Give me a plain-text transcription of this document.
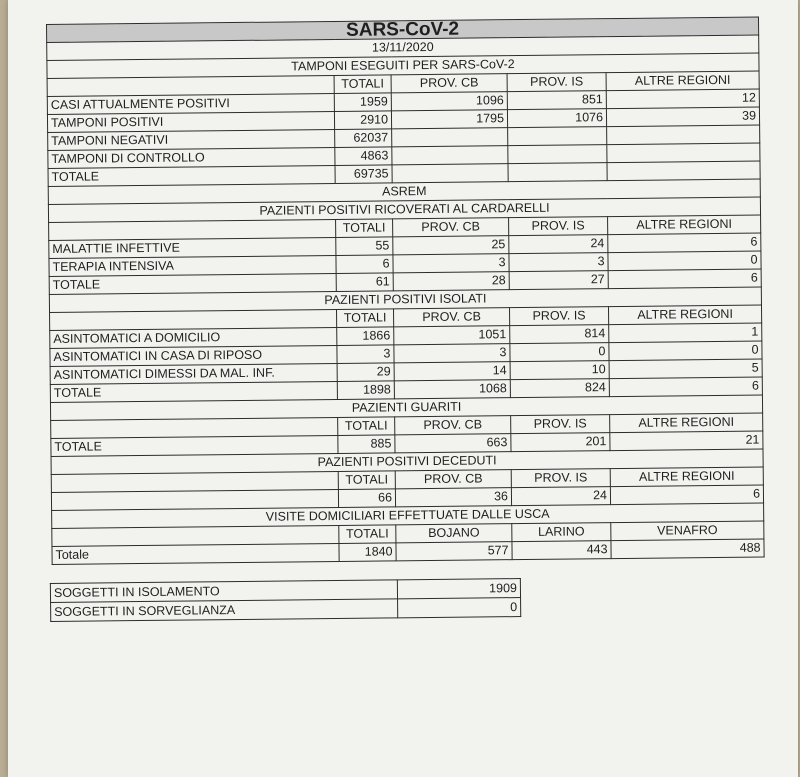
SARS-CoV-2				
13/11/2020				
TAMPONI ESEGUITI PER SARS-CoV-2				
	TOTALI	PROV. CB	PROV. IS	ALTRE REGIONI
CASI ATTUALMENTE POSITIVI	1959	1096	851	12
TAMPONI POSITIVI	2910	1795	1076	39
TAMPONI NEGATIVI	62037			
TAMPONI DI CONTROLLO	4863			
TOTALE	69735			
ASREM				
PAZIENTI POSITIVI RICOVERATI AL CARDARELLI				
	TOTALI	PROV. CB	PROV. IS	ALTRE REGIONI
MALATTIE INFETTIVE	55	25	24	6
TERAPIA INTENSIVA	6	3	3	0
TOTALE	61	28	27	6
PAZIENTI POSITIVI ISOLATI				
	TOTALI	PROV. CB	PROV. IS	ALTRE REGIONI
ASINTOMATICI A DOMICILIO	1866	1051	814	1
ASINTOMATICI IN CASA DI RIPOSO	3	3	0	0
ASINTOMATICI DIMESSI DA MAL. INF.	29	14	10	5
TOTALE	1898	1068	824	6
PAZIENTI GUARITI				
	TOTALI	PROV. CB	PROV. IS	ALTRE REGIONI
TOTALE	885	663	201	21
PAZIENTI POSITIVI DECEDUTI				
	TOTALI	PROV. CB	PROV. IS	ALTRE REGIONI
	66	36	24	6
VISITE DOMICILIARI EFFETTUATE DALLE USCA				
	TOTALI	BOJANO	LARINO	VENAFRO
Totale	1840	577	443	488
SOGGETTI IN ISOLAMENTO	1909
SOGGETTI IN SORVEGLIANZA	0
